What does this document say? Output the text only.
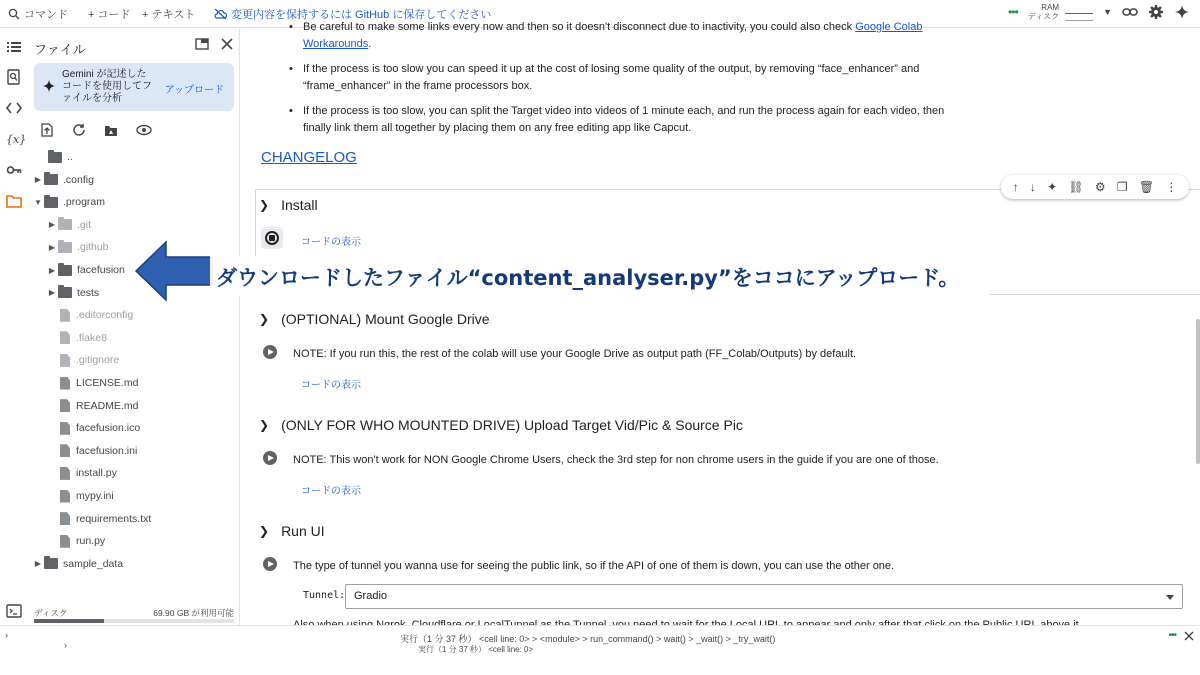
コマンド + コード + テキスト	変更内容を保持するには GitHub に保存してください	•••	RAM
ディスク	▼
{x}
ファイル
Gemini が記述したコードを使用してファイルを分析
アップロード
..
▶ .config
▼ .program
▶ .git
▶ .github
▶ facefusion
▶ tests
.editorconfig
.flake8
.gitignore
LICENSE.md
README.md
facefusion.ico
facefusion.ini
install.py
mypy.ini
requirements.txt
run.py
▶ sample_data
ディスク	69.90 GB が利用可能
• Be careful to make some links every now and then so it doesn't disconnect due to inactivity, you could also check Google Colab Workarounds.
• If the process is too slow you can speed it up at the cost of losing some quality of the output, by removing “face_enhancer” and “frame_enhancer” in the frame processors box.
• If the process is too slow, you can split the Target video into videos of 1 minute each, and run the process again for each video, then finally link them all together by placing them on any free editing app like Capcut.
CHANGELOG
↑ ↓ ✦ ⛓ ⚙ ❐ 🗑 ⋮
❯ Install
コードの表示
❯ (OPTIONAL) Mount Google Drive
NOTE: If you run this, the rest of the colab will use your Google Drive as output path (FF_Colab/Outputs) by default.
コードの表示
❯ (ONLY FOR WHO MOUNTED DRIVE) Upload Target Vid/Pic & Source Pic
NOTE: This won't work for NON Google Chrome Users, check the 3rd step for non chrome users in the guide if you are one of those.
コードの表示
❯ Run UI
The type of tunnel you wanna use for seeing the public link, so if the API of one of them is down, you can use the other one.
Tunnel: Gradio
ダウンロードしたファイル“content_analyser.py”をココにアップロード。
›
›
実行（1 分 37 秒） <cell line: 0> > <module> > run_command() > wait() > _wait() > _try_wait()
実行（1 分 37 秒） <cell line: 0>
•••
